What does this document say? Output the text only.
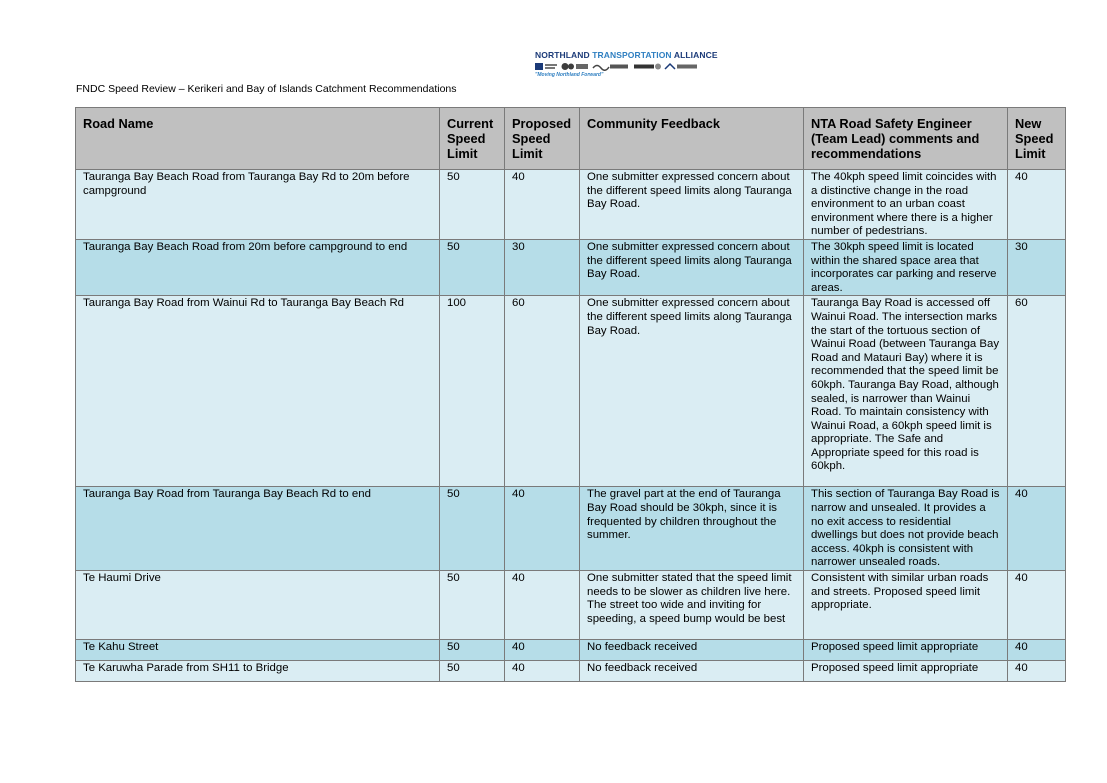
NORTHLAND TRANSPORTATION ALLIANCE
"Moving Northland Forward"
FNDC Speed Review – Kerikeri and Bay of Islands Catchment Recommendations
Road Name	Current Speed Limit	Proposed Speed Limit	Community Feedback	NTA Road Safety Engineer (Team Lead) comments and recommendations	New Speed Limit
Tauranga Bay Beach Road from Tauranga Bay Rd to 20m before campground	50	40	One submitter expressed concern about the different speed limits along Tauranga Bay Road.	The 40kph speed limit coincides with a distinctive change in the road environment to an urban coast environment where there is a higher number of pedestrians.	40
Tauranga Bay Beach Road from 20m before campground to end	50	30	One submitter expressed concern about the different speed limits along Tauranga Bay Road.	The 30kph speed limit is located within the shared space area that incorporates car parking and reserve areas.	30
Tauranga Bay Road from Wainui Rd to Tauranga Bay Beach Rd	100	60	One submitter expressed concern about the different speed limits along Tauranga Bay Road.	Tauranga Bay Road is accessed off Wainui Road. The intersection marks the start of the tortuous section of Wainui Road (between Tauranga Bay Road and Matauri Bay) where it is recommended that the speed limit be 60kph. Tauranga Bay Road, although sealed, is narrower than Wainui Road. To maintain consistency with Wainui Road, a 60kph speed limit is appropriate. The Safe and Appropriate speed for this road is 60kph.	60
Tauranga Bay Road from Tauranga Bay Beach Rd to end	50	40	The gravel part at the end of Tauranga Bay Road should be 30kph, since it is frequented by children throughout the summer.	This section of Tauranga Bay Road is narrow and unsealed. It provides a no exit access to residential dwellings but does not provide beach access. 40kph is consistent with narrower unsealed roads.	40
Te Haumi Drive	50	40	One submitter stated that the speed limit needs to be slower as children live here. The street too wide and inviting for speeding, a speed bump would be best	Consistent with similar urban roads and streets. Proposed speed limit appropriate.	40
Te Kahu Street	50	40	No feedback received	Proposed speed limit appropriate	40
Te Karuwha Parade from SH11 to Bridge	50	40	No feedback received	Proposed speed limit appropriate	40
